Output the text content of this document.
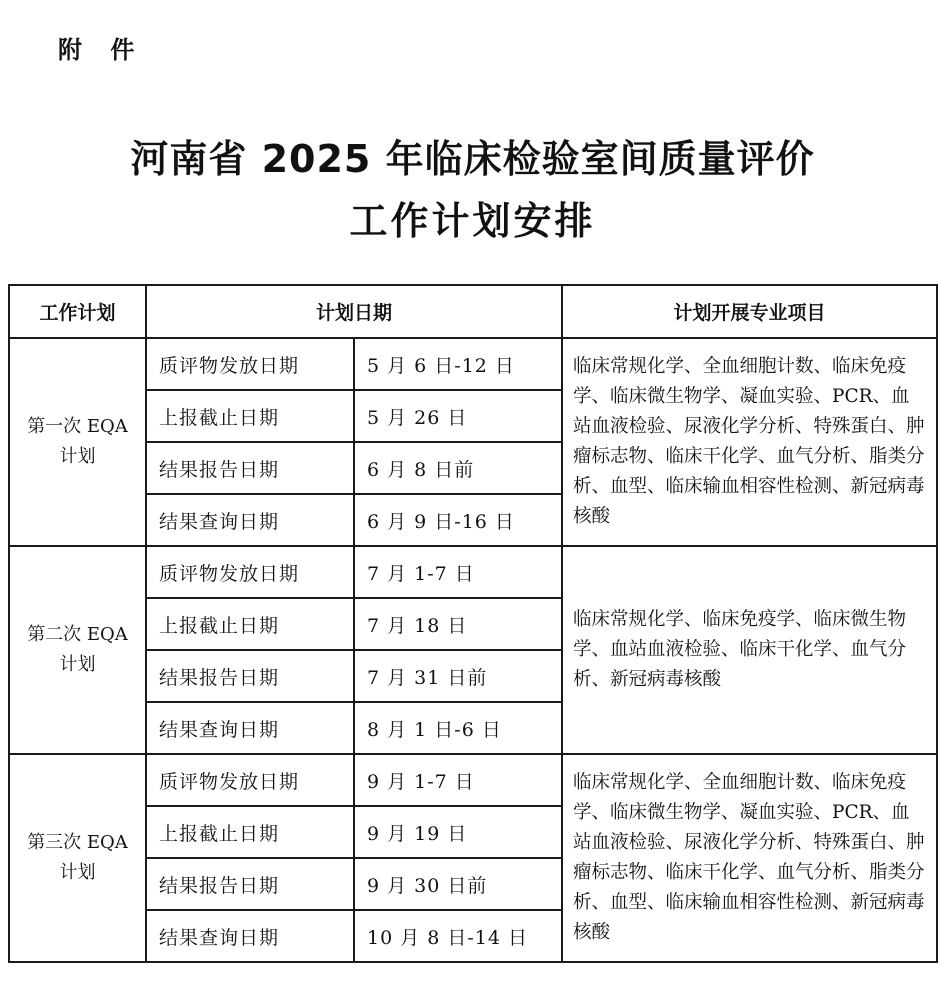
附 件
河南省 2025 年临床检验室间质量评价
工作计划安排
工作计划	计划日期		计划开展专业项目

第一次 EQA
计划	质评物发放日期	5 月 6 日-12 日	临床常规化学、全血细胞计数、临床免疫学、临床微生物学、凝血实验、PCR、血站血液检验、尿液化学分析、特殊蛋白、肿瘤标志物、临床干化学、血气分析、脂类分析、血型、临床输血相容性检测、新冠病毒核酸
	上报截止日期	5 月 26 日	
	结果报告日期	6 月 8 日前	
	结果查询日期	6 月 9 日-16 日	

第二次 EQA
计划	质评物发放日期	7 月 1-7 日	临床常规化学、临床免疫学、临床微生物学、血站血液检验、临床干化学、血气分析、新冠病毒核酸
	上报截止日期	7 月 18 日	
	结果报告日期	7 月 31 日前	
	结果查询日期	8 月 1 日-6 日	

第三次 EQA
计划	质评物发放日期	9 月 1-7 日	临床常规化学、全血细胞计数、临床免疫学、临床微生物学、凝血实验、PCR、血站血液检验、尿液化学分析、特殊蛋白、肿瘤标志物、临床干化学、血气分析、脂类分析、血型、临床输血相容性检测、新冠病毒核酸
	上报截止日期	9 月 19 日	
	结果报告日期	9 月 30 日前	
	结果查询日期	10 月 8 日-14 日	
